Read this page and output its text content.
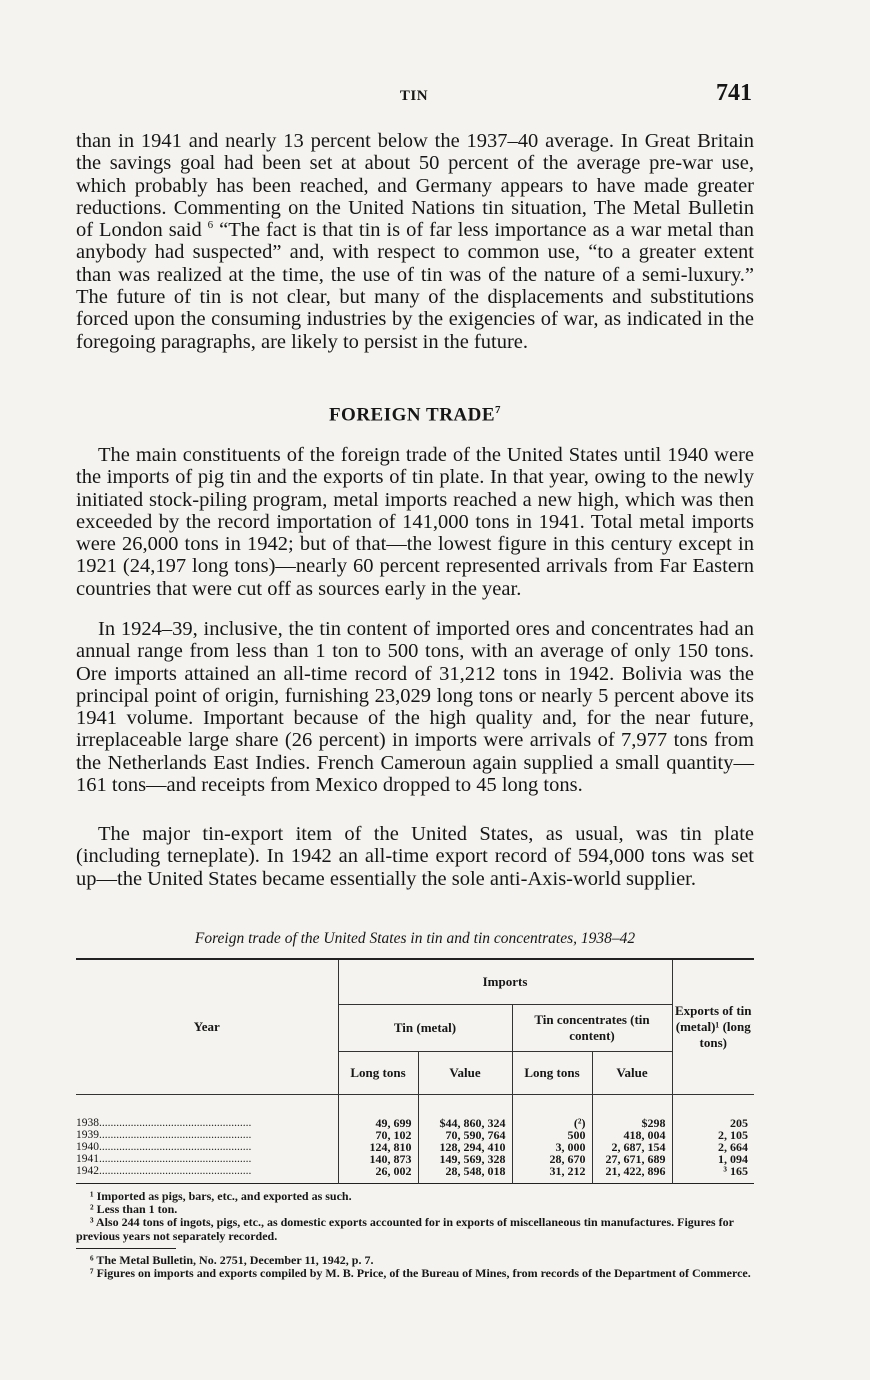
TIN	741

than in 1941 and nearly 13 percent below the 1937–40 average. In Great Britain the savings goal had been set at about 50 percent of the average pre-war use, which probably has been reached, and Germany appears to have made greater reductions. Commenting on the United Nations tin situation, The Metal Bulletin of London said $^6$ “The fact is that tin is of far less importance as a war metal than anybody had suspected” and, with respect to common use, “to a greater extent than was realized at the time, the use of tin was of the nature of a semi-luxury.” The future of tin is not clear, but many of the displacements and substitutions forced upon the consuming industries by the exigencies of war, as indicated in the foregoing paragraphs, are likely to persist in the future.

FOREIGN TRADE$^7$

The main constituents of the foreign trade of the United States until 1940 were the imports of pig tin and the exports of tin plate. In that year, owing to the newly initiated stock-piling program, metal imports reached a new high, which was then exceeded by the record importation of 141,000 tons in 1941. Total metal imports were 26,000 tons in 1942; but of that—the lowest figure in this century except in 1921 (24,197 long tons)—nearly 60 percent represented arrivals from Far Eastern countries that were cut off as sources early in the year.

In 1924–39, inclusive, the tin content of imported ores and concentrates had an annual range from less than 1 ton to 500 tons, with an average of only 150 tons. Ore imports attained an all-time record of 31,212 tons in 1942. Bolivia was the principal point of origin, furnishing 23,029 long tons or nearly 5 percent above its 1941 volume. Important because of the high quality and, for the near future, irreplaceable large share (26 percent) in imports were arrivals of 7,977 tons from the Netherlands East Indies. French Cameroun again supplied a small quantity—161 tons—and receipts from Mexico dropped to 45 long tons.

The major tin-export item of the United States, as usual, was tin plate (including terneplate). In 1942 an all-time export record of 594,000 tons was set up—the United States became essentially the sole anti-Axis-world supplier.

Foreign trade of the United States in tin and tin concentrates, 1938–42
Year	Imports				Exports of tin (metal)¹ (long tons)
	Tin (metal)		Tin concentrates (tin content)		
	Long tons	Value	Long tons	Value	
1938.....................................................	49, 699	$44, 860, 324	(²)	$298	205
1939.....................................................	70, 102	70, 590, 764	500	418, 004	2, 105
1940.....................................................	124, 810	128, 294, 410	3, 000	2, 687, 154	2, 664
1941.....................................................	140, 873	149, 569, 328	28, 670	27, 671, 689	1, 094
1942.....................................................	26, 002	28, 548, 018	31, 212	21, 422, 896	³ 165

¹ Imported as pigs, bars, etc., and exported as such.

² Less than 1 ton.

³ Also 244 tons of ingots, pigs, etc., as domestic exports accounted for in exports of miscellaneous tin manufactures. Figures for previous years not separately recorded.

⁶ The Metal Bulletin, No. 2751, December 11, 1942, p. 7.

⁷ Figures on imports and exports compiled by M. B. Price, of the Bureau of Mines, from records of the Department of Commerce.
